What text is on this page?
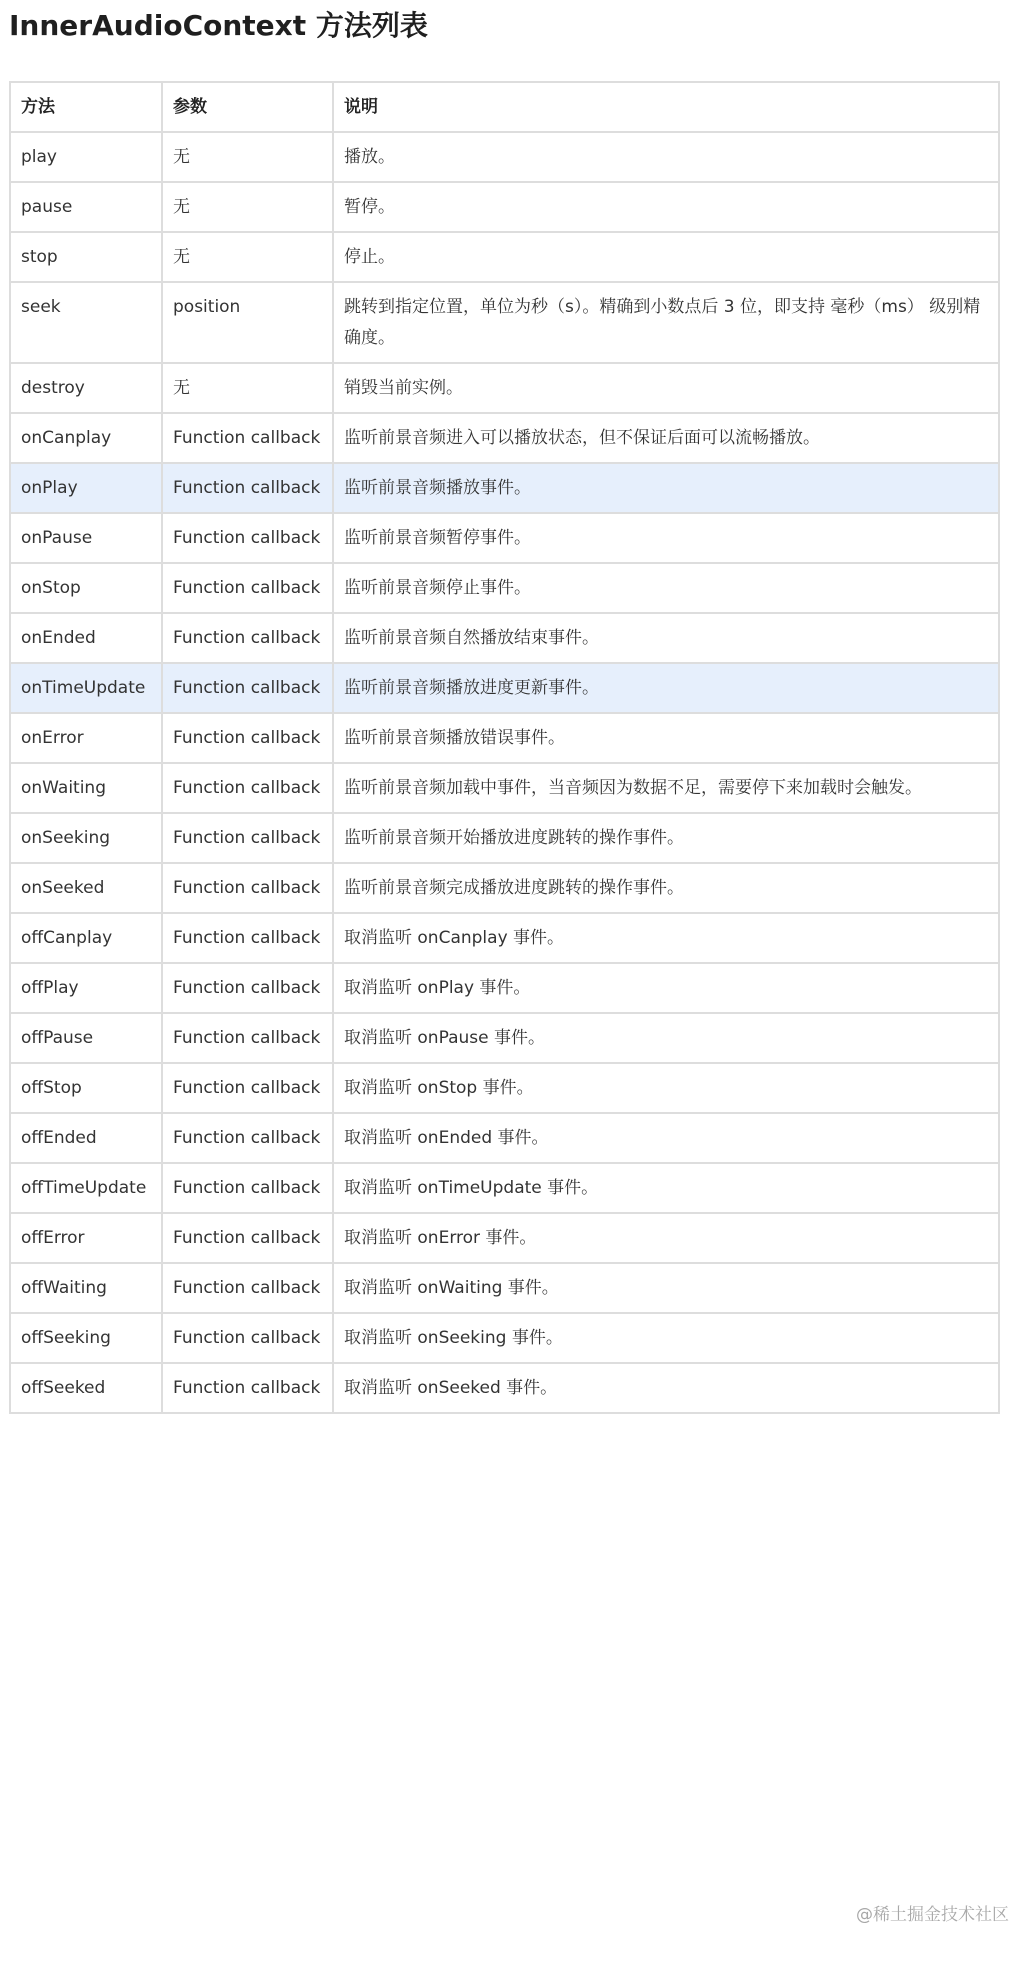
InnerAudioContext 方法列表
方法	参数	说明
play	无	播放。
pause	无	暂停。
stop	无	停止。
seek	position	跳转到指定位置，单位为秒（s）。精确到小数点后 3 位，即支持 毫秒（ms） 级别精确度。
destroy	无	销毁当前实例。
onCanplay	Function callback	监听前景音频进入可以播放状态，但不保证后面可以流畅播放。
onPlay	Function callback	监听前景音频播放事件。
onPause	Function callback	监听前景音频暂停事件。
onStop	Function callback	监听前景音频停止事件。
onEnded	Function callback	监听前景音频自然播放结束事件。
onTimeUpdate	Function callback	监听前景音频播放进度更新事件。
onError	Function callback	监听前景音频播放错误事件。
onWaiting	Function callback	监听前景音频加载中事件，当音频因为数据不足，需要停下来加载时会触发。
onSeeking	Function callback	监听前景音频开始播放进度跳转的操作事件。
onSeeked	Function callback	监听前景音频完成播放进度跳转的操作事件。
offCanplay	Function callback	取消监听 onCanplay 事件。
offPlay	Function callback	取消监听 onPlay 事件。
offPause	Function callback	取消监听 onPause 事件。
offStop	Function callback	取消监听 onStop 事件。
offEnded	Function callback	取消监听 onEnded 事件。
offTimeUpdate	Function callback	取消监听 onTimeUpdate 事件。
offError	Function callback	取消监听 onError 事件。
offWaiting	Function callback	取消监听 onWaiting 事件。
offSeeking	Function callback	取消监听 onSeeking 事件。
offSeeked	Function callback	取消监听 onSeeked 事件。
@稀土掘金技术社区
